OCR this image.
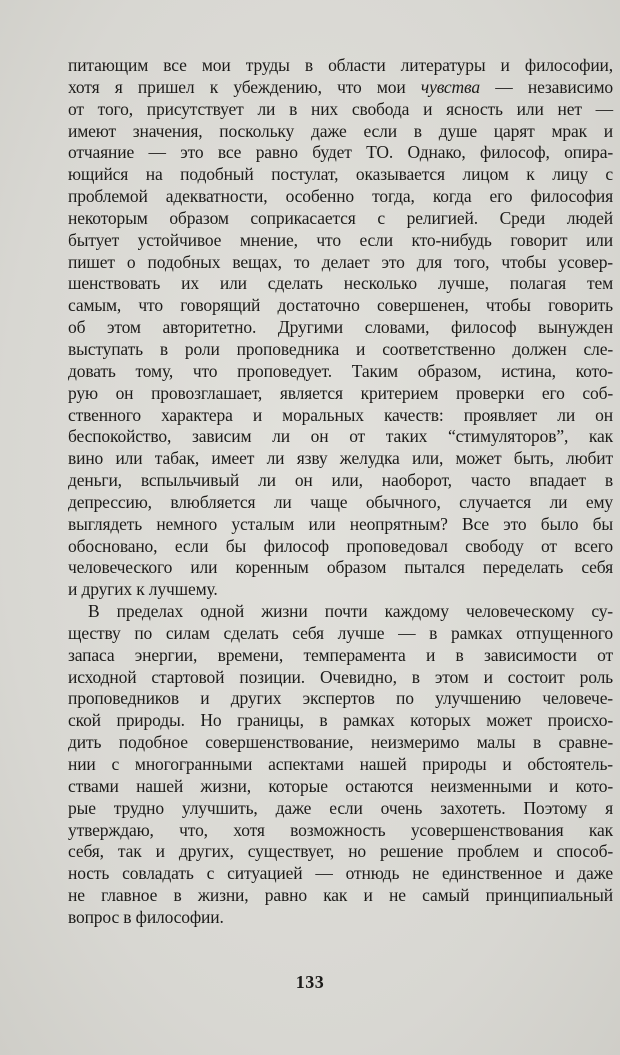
питающим все мои труды в области литературы и философии,
хотя я пришел к убеждению, что мои чувства — независимо
от того, присутствует ли в них свобода и ясность или нет —
имеют значения, поскольку даже если в душе царят мрак и
отчаяние — это все равно будет ТО. Однако, философ, опира-
ющийся на подобный постулат, оказывается лицом к лицу с
проблемой адекватности, особенно тогда, когда его философия
некоторым образом соприкасается с религией. Среди людей
бытует устойчивое мнение, что если кто-нибудь говорит или
пишет о подобных вещах, то делает это для того, чтобы усовер-
шенствовать их или сделать несколько лучше, полагая тем
самым, что говорящий достаточно совершенен, чтобы говорить
об этом авторитетно. Другими словами, философ вынужден
выступать в роли проповедника и соответственно должен сле-
довать тому, что проповедует. Таким образом, истина, кото-
рую он провозглашает, является критерием проверки его соб-
ственного характера и моральных качеств: проявляет ли он
беспокойство, зависим ли он от таких “стимуляторов”, как
вино или табак, имеет ли язву желудка или, может быть, любит
деньги, вспыльчивый ли он или, наоборот, часто впадает в
депрессию, влюбляется ли чаще обычного, случается ли ему
выглядеть немного усталым или неопрятным? Все это было бы
обосновано, если бы философ проповедовал свободу от всего
человеческого или коренным образом пытался переделать себя
и других к лучшему.
В пределах одной жизни почти каждому человеческому су-
ществу по силам сделать себя лучше — в рамках отпущенного
запаса энергии, времени, темперамента и в зависимости от
исходной стартовой позиции. Очевидно, в этом и состоит роль
проповедников и других экспертов по улучшению человече-
ской природы. Но границы, в рамках которых может происхо-
дить подобное совершенствование, неизмеримо малы в сравне-
нии с многогранными аспектами нашей природы и обстоятель-
ствами нашей жизни, которые остаются неизменными и кото-
рые трудно улучшить, даже если очень захотеть. Поэтому я
утверждаю, что, хотя возможность усовершенствования как
себя, так и других, существует, но решение проблем и способ-
ность совладать с ситуацией — отнюдь не единственное и даже
не главное в жизни, равно как и не самый принципиальный
вопрос в философии.
133
